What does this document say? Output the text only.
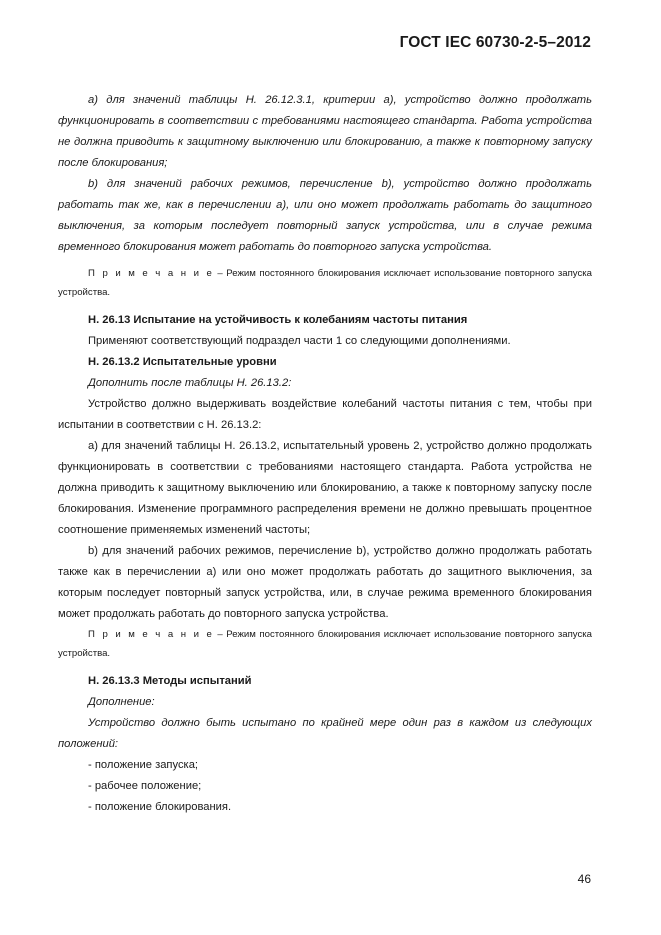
ГОСТ IEC 60730-2-5–2012

а) для значений таблицы Н. 26.12.3.1, критерии а), устройство должно продолжать функционировать в соответствии с требованиями настоящего стандарта. Работа устройства не должна приводить к защитному выключению или блокированию, а также к повторному запуску после блокирования;

b) для значений рабочих режимов, перечисление b), устройство должно продолжать работать так же, как в перечислении а), или оно может продолжать работать до защитного выключения, за которым последует повторный запуск устройства, или в случае режима временного блокирования может работать до повторного запуска устройства.

П р и м е ч а н и е – Режим постоянного блокирования исключает использование повторного запуска устройства.

Н. 26.13 Испытание на устойчивость к колебаниям частоты питания

Применяют соответствующий подраздел части 1 со следующими дополнениями.

Н. 26.13.2 Испытательные уровни

Дополнить после таблицы Н. 26.13.2:

Устройство должно выдерживать воздействие колебаний частоты питания с тем, чтобы при испытании в соответствии с Н. 26.13.2:

а) для значений таблицы Н. 26.13.2, испытательный уровень 2, устройство должно продолжать функционировать в соответствии с требованиями настоящего стандарта. Работа устройства не должна приводить к защитному выключению или блокированию, а также к повторному запуску после блокирования. Изменение программного распределения времени не должно превышать процентное соотношение применяемых изменений частоты;

b) для значений рабочих режимов, перечисление b), устройство должно продолжать работать также как в перечислении а) или оно может продолжать работать до защитного выключения, за которым последует повторный запуск устройства, или, в случае режима временного блокирования может продолжать работать до повторного запуска устройства.

П р и м е ч а н и е – Режим постоянного блокирования исключает использование повторного запуска устройства.

Н. 26.13.3 Методы испытаний

Дополнение:

Устройство должно быть испытано по крайней мере один раз в каждом из следующих положений:

- положение запуска;

- рабочее положение;

- положение блокирования.

46
